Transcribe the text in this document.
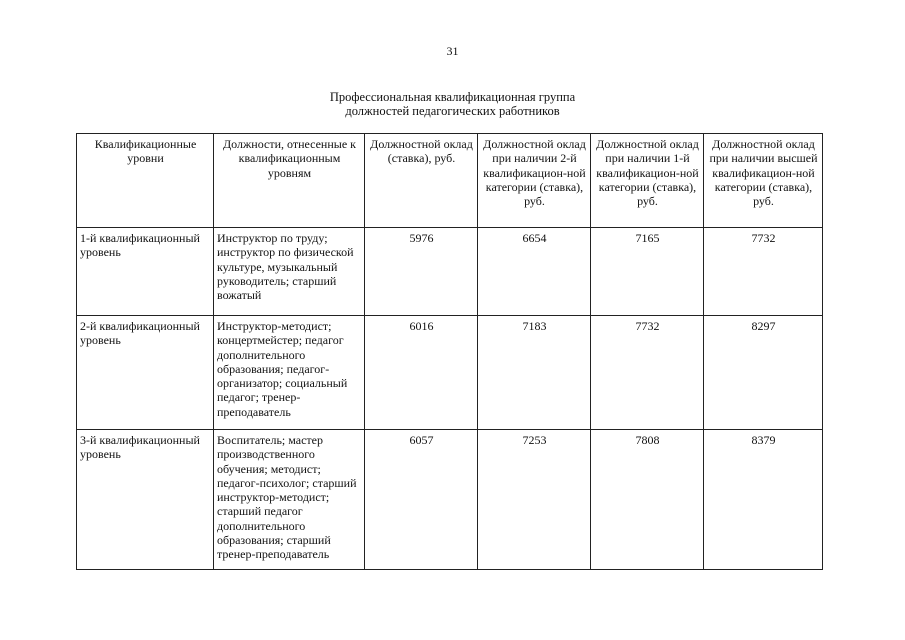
31
Профессиональная квалификационная группа
должностей педагогических работников
Квалификационные уровни	Должности, отнесенные к квалификационным уровням	Должностной оклад (ставка), руб.	Должностной оклад при наличии 2-й квалификацион-ной категории (ставка), руб.	Должностной оклад при наличии 1-й квалификацион-ной категории (ставка), руб.	Должностной оклад при наличии высшей квалификацион-ной категории (ставка), руб.
1-й квалификационный уровень	Инструктор по труду; инструктор по физической культуре, музыкальный руководитель; старший вожатый	5976	6654	7165	7732
2-й квалификационный уровень	Инструктор-методист; концертмейстер; педагог дополнительного образования; педагог-организатор; социальный педагог; тренер-преподаватель	6016	7183	7732	8297
3-й квалификационный уровень	Воспитатель; мастер производственного обучения; методист; педагог-психолог; старший инструктор-методист; старший педагог дополнительного образования; старший тренер-преподаватель	6057	7253	7808	8379
